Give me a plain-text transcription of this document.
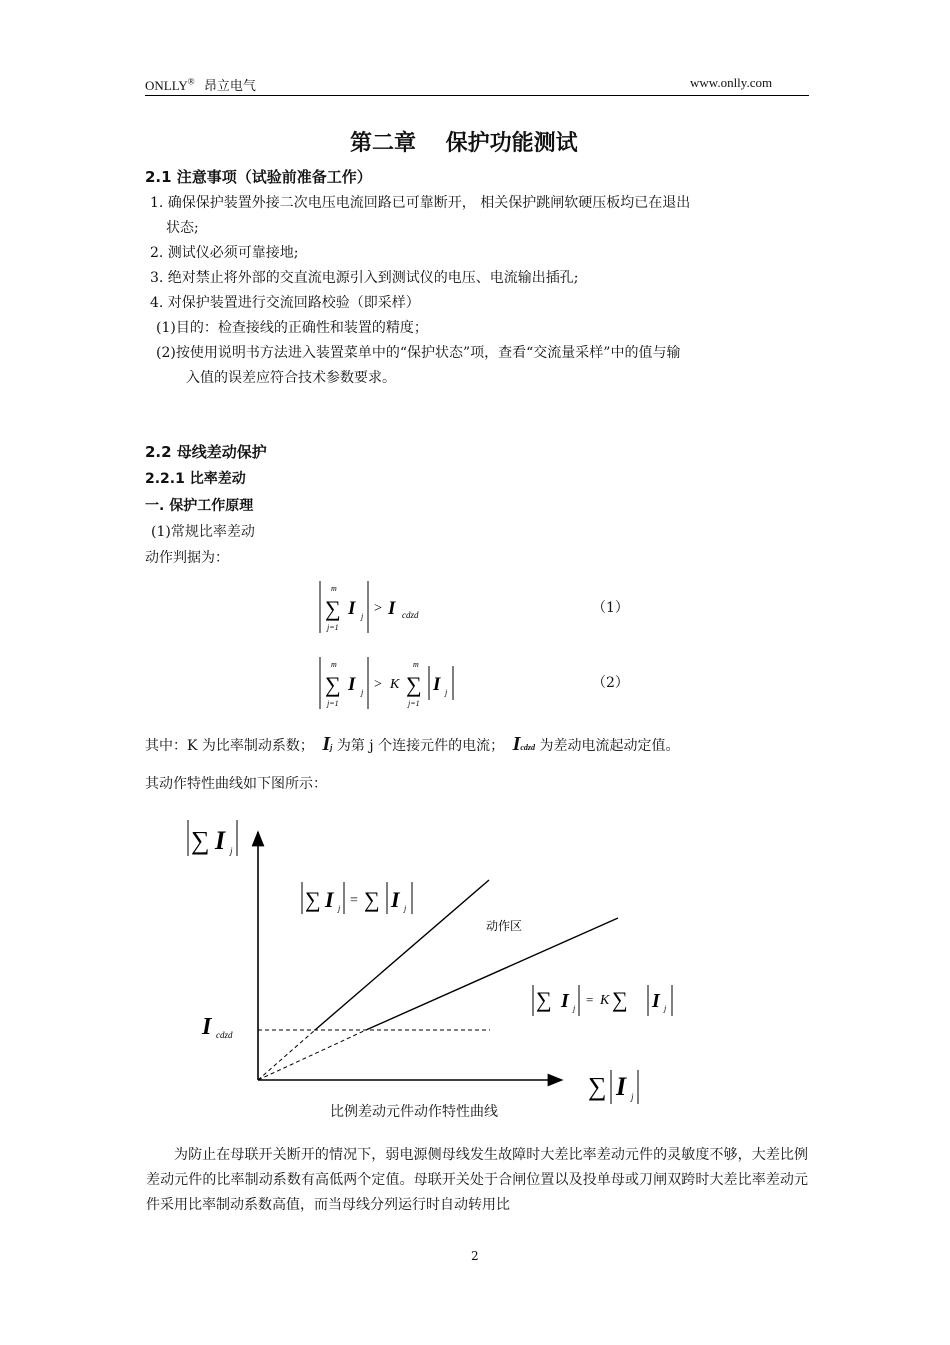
ONLLY® 昂立电气	www.onlly.com
第二章　 保护功能测试
2.1 注意事项（试验前准备工作）
1. 确保保护装置外接二次电压电流回路已可靠断开， 相关保护跳闸软硬压板均已在退出
状态;
2. 测试仪必须可靠接地;
3. 绝对禁止将外部的交直流电源引入到测试仪的电压、电流输出插孔;
4. 对保护装置进行交流回路校验（即采样）
(1)目的：检查接线的正确性和装置的精度；
(2)按使用说明书方法进入装置菜单中的“保护状态”项，查看“交流量采样”中的值与输
入值的误差应符合技术参数要求。
2.2 母线差动保护
2.2.1 比率差动
一. 保护工作原理
(1)常规比率差动
动作判据为：
m
∑
j=1
I j
> I cdzd	（1）
m
∑
j=1
I j
> K
m
∑
j=1
I j
（2）
其中：K 为比率制动系数； Ij 为第 j 个连接元件的电流； Icdzd 为差动电流起动定值。
其动作特性曲线如下图所示：
∑ I j
∑ I j
I cdzd
∑ I j
= ∑ I j
动作区
∑ I j
= K ∑ I j
比例差动元件动作特性曲线
为防止在母联开关断开的情况下，弱电源侧母线发生故障时大差比率差动元件的灵敏度不够，大差比例差动元件的比率制动系数有高低两个定值。母联开关处于合闸位置以及投单母或刀闸双跨时大差比率差动元件采用比率制动系数高值，而当母线分列运行时自动转用比
2
